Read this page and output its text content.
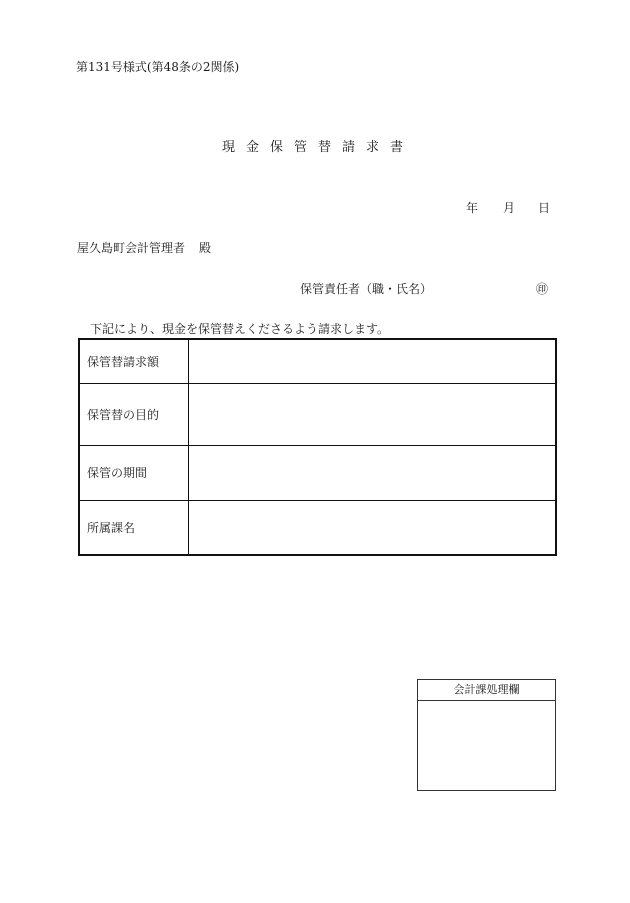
第131号様式(第48条の2関係)
現金保管替請求書
年 月 日
屋久島町会計管理者 殿
保管責任者（職・氏名）	㊞
下記により、現金を保管替えくださるよう請求します。
保管替請求額	
保管替の目的	
保管の期間	
所属課名	
会計課処理欄
